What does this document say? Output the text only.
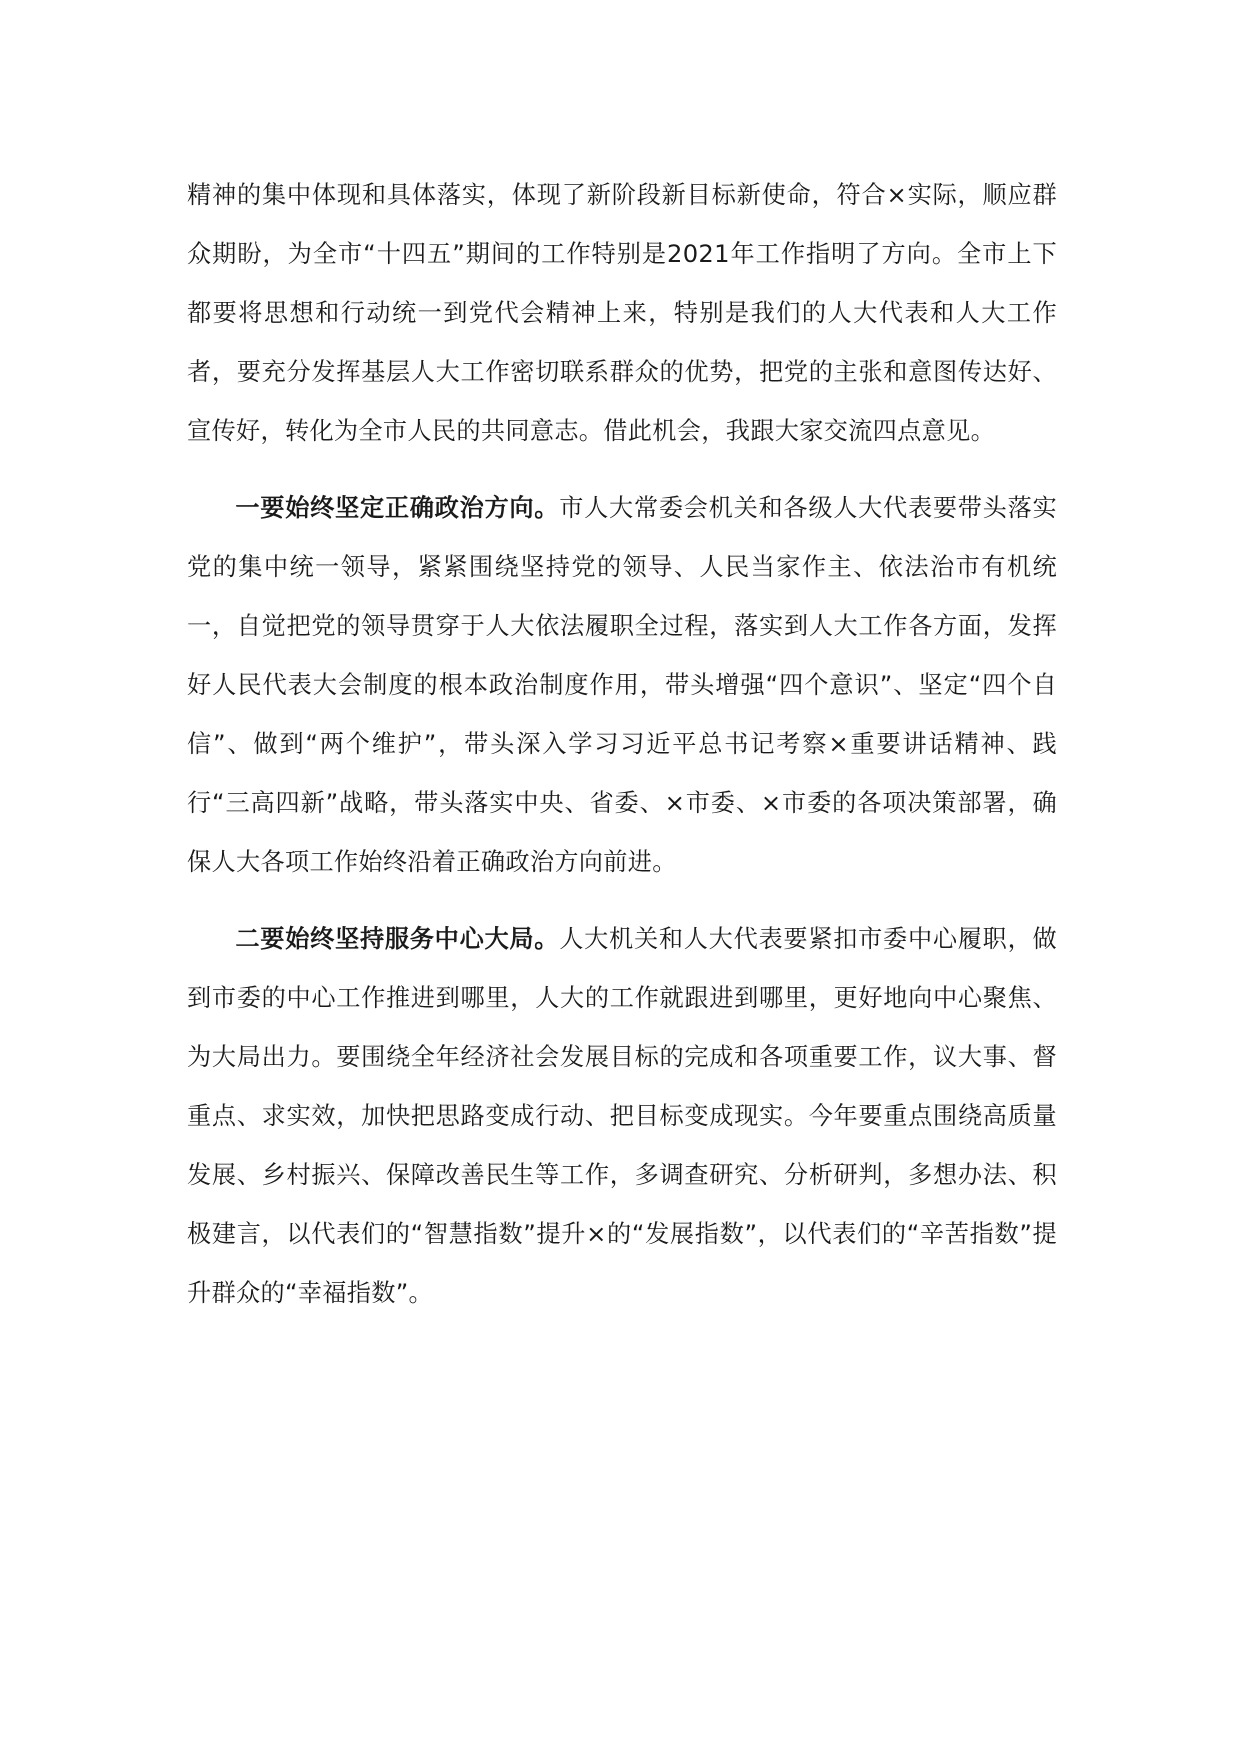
精神的集中体现和具体落实，体现了新阶段新目标新使命，符合×实际，顺应群众期盼，为全市“十四五”期间的工作特别是2021年工作指明了方向。全市上下都要将思想和行动统一到党代会精神上来，特别是我们的人大代表和人大工作者，要充分发挥基层人大工作密切联系群众的优势，把党的主张和意图传达好、宣传好，转化为全市人民的共同意志。借此机会，我跟大家交流四点意见。

一要始终坚定正确政治方向。市人大常委会机关和各级人大代表要带头落实党的集中统一领导，紧紧围绕坚持党的领导、人民当家作主、依法治市有机统一，自觉把党的领导贯穿于人大依法履职全过程，落实到人大工作各方面，发挥好人民代表大会制度的根本政治制度作用，带头增强“四个意识”、坚定“四个自信”、做到“两个维护”，带头深入学习习近平总书记考察×重要讲话精神、践行“三高四新”战略，带头落实中央、省委、×市委、×市委的各项决策部署，确保人大各项工作始终沿着正确政治方向前进。

二要始终坚持服务中心大局。人大机关和人大代表要紧扣市委中心履职，做到市委的中心工作推进到哪里，人大的工作就跟进到哪里，更好地向中心聚焦、为大局出力。要围绕全年经济社会发展目标的完成和各项重要工作，议大事、督重点、求实效，加快把思路变成行动、把目标变成现实。今年要重点围绕高质量发展、乡村振兴、保障改善民生等工作，多调查研究、分析研判，多想办法、积极建言，以代表们的“智慧指数”提升×的“发展指数”，以代表们的“辛苦指数”提升群众的“幸福指数”。
